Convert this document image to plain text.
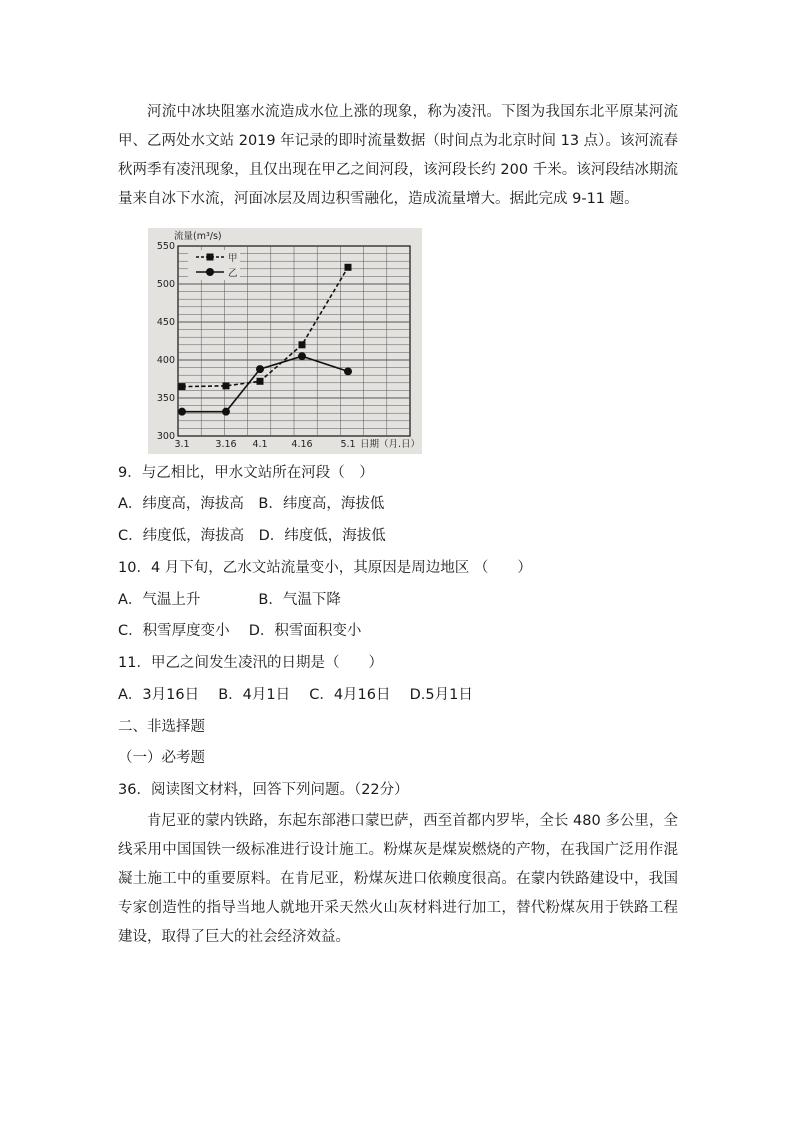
河流中冰块阻塞水流造成水位上涨的现象，称为凌汛。下图为我国东北平原某河流甲、乙两处水文站 2019 年记录的即时流量数据（时间点为北京时间 13 点）。该河流春秋两季有凌汛现象，且仅出现在甲乙之间河段，该河段长约 200 千米。该河段结冰期流量来自冰下水流，河面冰层及周边积雪融化，造成流量增大。据此完成 9-11 题。

300
350
400
450
500
550
3.1	3.16 4.1	4.16	5.1
甲
乙
流量(m³/s)
日期（月.日）

9．与乙相比，甲水文站所在河段（　）

A．纬度高，海拔高　B．纬度高，海拔低

C．纬度低，海拔高　D．纬度低，海拔低

10．4 月下旬，乙水文站流量变小，其原因是周边地区 （　　）

A．气温上升　　　　B．气温下降

C．积雪厚度变小　 D．积雪面积变小

11．甲乙之间发生凌汛的日期是（　　）

A．3月16日　 B．4月1日　 C．4月16日　 D.5月1日

二、非选择题

（一）必考题

36．阅读图文材料，回答下列问题。（22分）

肯尼亚的蒙内铁路，东起东部港口蒙巴萨，西至首都内罗毕，全长 480 多公里，全线采用中国国铁一级标准进行设计施工。粉煤灰是煤炭燃烧的产物，在我国广泛用作混凝土施工中的重要原料。在肯尼亚，粉煤灰进口依赖度很高。在蒙内铁路建设中，我国专家创造性的指导当地人就地开采天然火山灰材料进行加工，替代粉煤灰用于铁路工程建设，取得了巨大的社会经济效益。
